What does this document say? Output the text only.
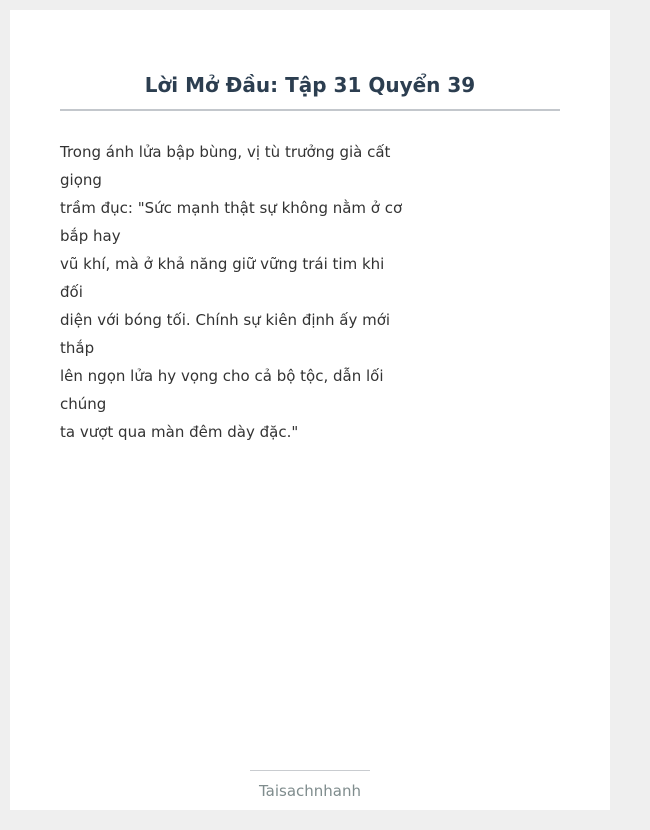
Lời Mở Đầu: Tập 31 Quyển 39
Trong ánh lửa bập bùng, vị tù trưởng già cất
giọng
trầm đục: "Sức mạnh thật sự không nằm ở cơ
bắp hay
vũ khí, mà ở khả năng giữ vững trái tim khi
đối
diện với bóng tối. Chính sự kiên định ấy mới
thắp
lên ngọn lửa hy vọng cho cả bộ tộc, dẫn lối
chúng
ta vượt qua màn đêm dày đặc."
Taisachnhanh
